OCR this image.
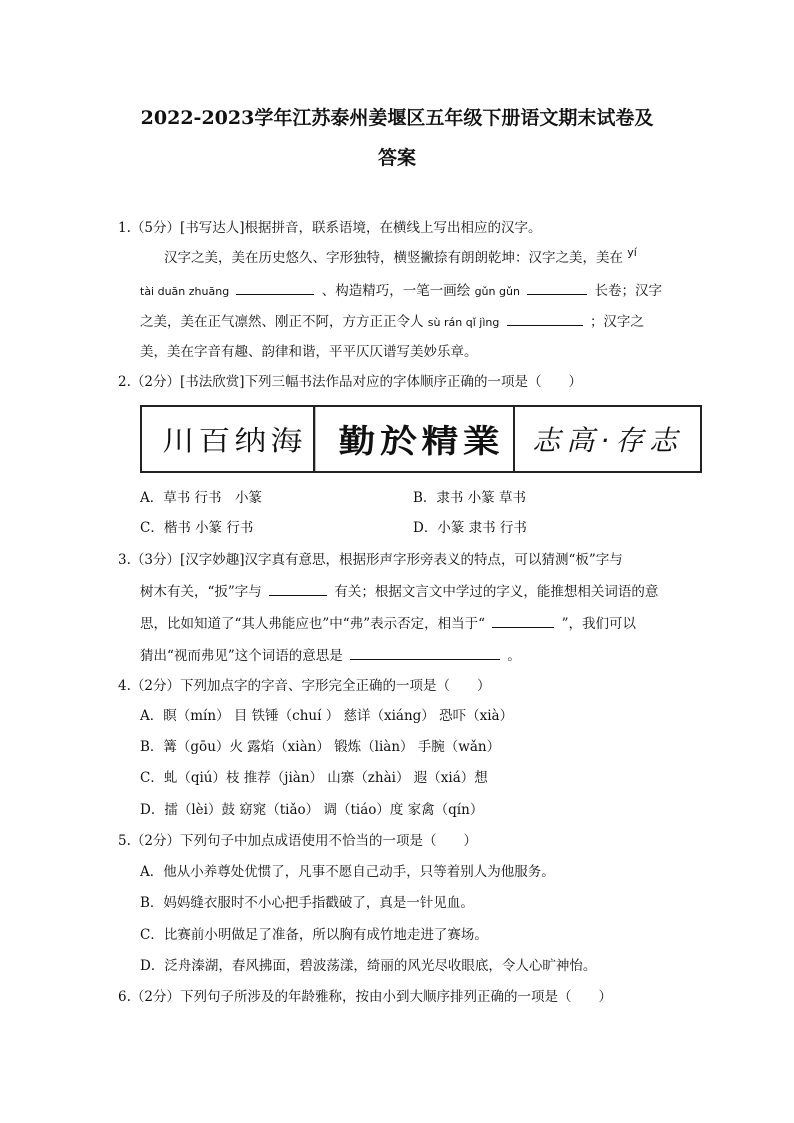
2022-2023学年江苏泰州姜堰区五年级下册语文期末试卷及
答案
1.（5分）[书写达人]根据拼音，联系语境，在横线上写出相应的汉字。
汉字之美，美在历史悠久、字形独特，横竖撇捺有朗朗乾坤：汉字之美，美在 $^{yí}$
tài duān zhuāng	、构造精巧，一笔一画绘 gǔn gǔn	长卷；汉字
之美，美在正气凛然、刚正不阿，方方正正令人 sù rán qǐ jìng	；汉字之
美，美在字音有趣、韵律和谐，平平仄仄谱写美妙乐章。
2.（2分）[书法欣赏]下列三幅书法作品对应的字体顺序正确的一项是（　　）
川百纳海	勤於精業	志高·存志
A．草书 行书　小篆	B．隶书 小篆 草书
C．楷书 小篆 行书	D．小篆 隶书 行书
3.（3分）[汉字妙趣]汉字真有意思，根据形声字形旁表义的特点，可以猜测“板”字与
树木有关，“扳”字与	有关；根据文言文中学过的字义，能推想相关词语的意
思，比如知道了“其人弗能应也”中“弗”表示否定，相当于“	”，我们可以
猜出“视而弗见”这个词语的意思是	。
4.（2分）下列加点字的字音、字形完全正确的一项是（　　）
A．瞑（mín） 目 铁锤（chuí ） 慈详（xiáng） 恐吓（xià）
B．篝（gōu）火 露焰（xiàn） 锻炼（liàn） 手腕（wǎn）
C．虬（qiú）枝 推荐（jiàn） 山寨（zhài） 遐（xiá）想
D．擂（lèi）鼓 窈窕（tiǎo） 调（tiáo）度 家禽（qín）
5.（2分）下列句子中加点成语使用不恰当的一项是（　　）
A．他从小养尊处优惯了，凡事不愿自己动手，只等着别人为他服务。
B．妈妈缝衣服时不小心把手指戳破了，真是一针见血。
C．比赛前小明做足了准备，所以胸有成竹地走进了赛场。
D．泛舟溱湖，春风拂面，碧波荡漾，绮丽的风光尽收眼底，令人心旷神怡。
6.（2分）下列句子所涉及的年龄雅称，按由小到大顺序排列正确的一项是（　　）
